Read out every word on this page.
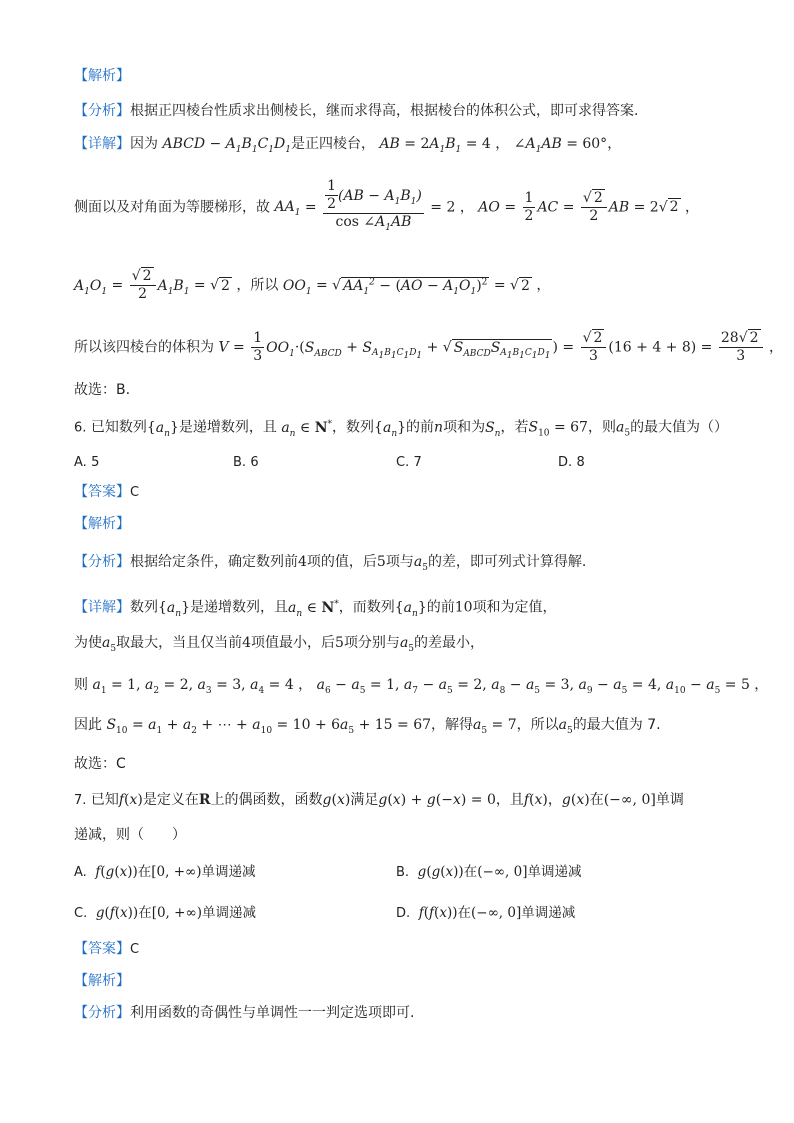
【解析】
【分析】根据正四棱台性质求出侧棱长，继而求得高，根据棱台的体积公式，即可求得答案.
【详解】因为 ABCD − $A_1B_1C_1D_1$是正四棱台， AB = $2A_1B_1 = 4$ ， $\angle A_1AB = 60^\circ$，
侧面以及对角面为等腰梯形，故 $AA_1 = \frac{\frac{1}{2} (AB - A_1B_1)}{\cos \angle A_1AB} = 2$ ， AO = $\frac{1}{2}$ AC = $\frac{√ 2}{2}$ AB = 2√ 2 ，
$A_1O_1 = \frac{√ 2}{2} A_1B_1$ = √ 2 ，所以 $OO_1$ = √ $AA_1^2 - (AO - A_1O_1)^2$ = √ 2 ，
所以该四棱台的体积为 $V = \frac{1}{3} OO_1\cdot(S_{ABCD} + S_{A_1B_1C_1D_1}$ + √ $S_{ABCD}S_{A_1B_1C_1D_1}) = \frac{√ 2}{3} (16 + 4 + 8) = \frac{28√ 2}{3}$ ，
故选：B.
6. 已知数列$\{a_n\}$是递增数列，且 $a_n$ ∈ N*，数列$\{a_n\}$的前n项和为$S_n$，若$S_{10} = 67$，则$a_5$的最大值为（）
A. 5	B. 6	C. 7	D. 8
【答案】C
【解析】
【分析】根据给定条件，确定数列前4项的值，后5项与$a_5$的差，即可列式计算得解.
【详解】数列$\{a_n\}$是递增数列，且$a_n$ ∈ N*，而数列$\{a_n\}$的前10项和为定值，
为使$a_5$取最大，当且仅当前4项值最小，后5项分别与$a_5$的差最小，
则 $a_1 = 1$, $a_2 = 2$, $a_3 = 3$, $a_4 = 4$ ， $a_6 - a_5 = 1$, $a_7 - a_5 = 2$, $a_8 - a_5 = 3$, $a_9 - a_5 = 4$, $a_{10} - a_5 = 5$ ，
因此 $S_{10} = a_1 + a_2$ + ⋯ + $a_{10} = 10 + 6a_5 + 15 = 67$，解得$a_5 = 7$，所以$a_5$的最大值为 7.
故选：C
7. 已知f(x)是定义在R上的偶函数，函数g(x)满足g(x) + g(−x) = 0，且f(x)，g(x)在(−∞, 0]单调
递减，则（　　）
A. f(g(x))在[0, +∞)单调递减	B. g(g(x))在(−∞, 0]单调递减
C. g(f(x))在[0, +∞)单调递减	D. f(f(x))在(−∞, 0]单调递减
【答案】C
【解析】
【分析】利用函数的奇偶性与单调性一一判定选项即可.
